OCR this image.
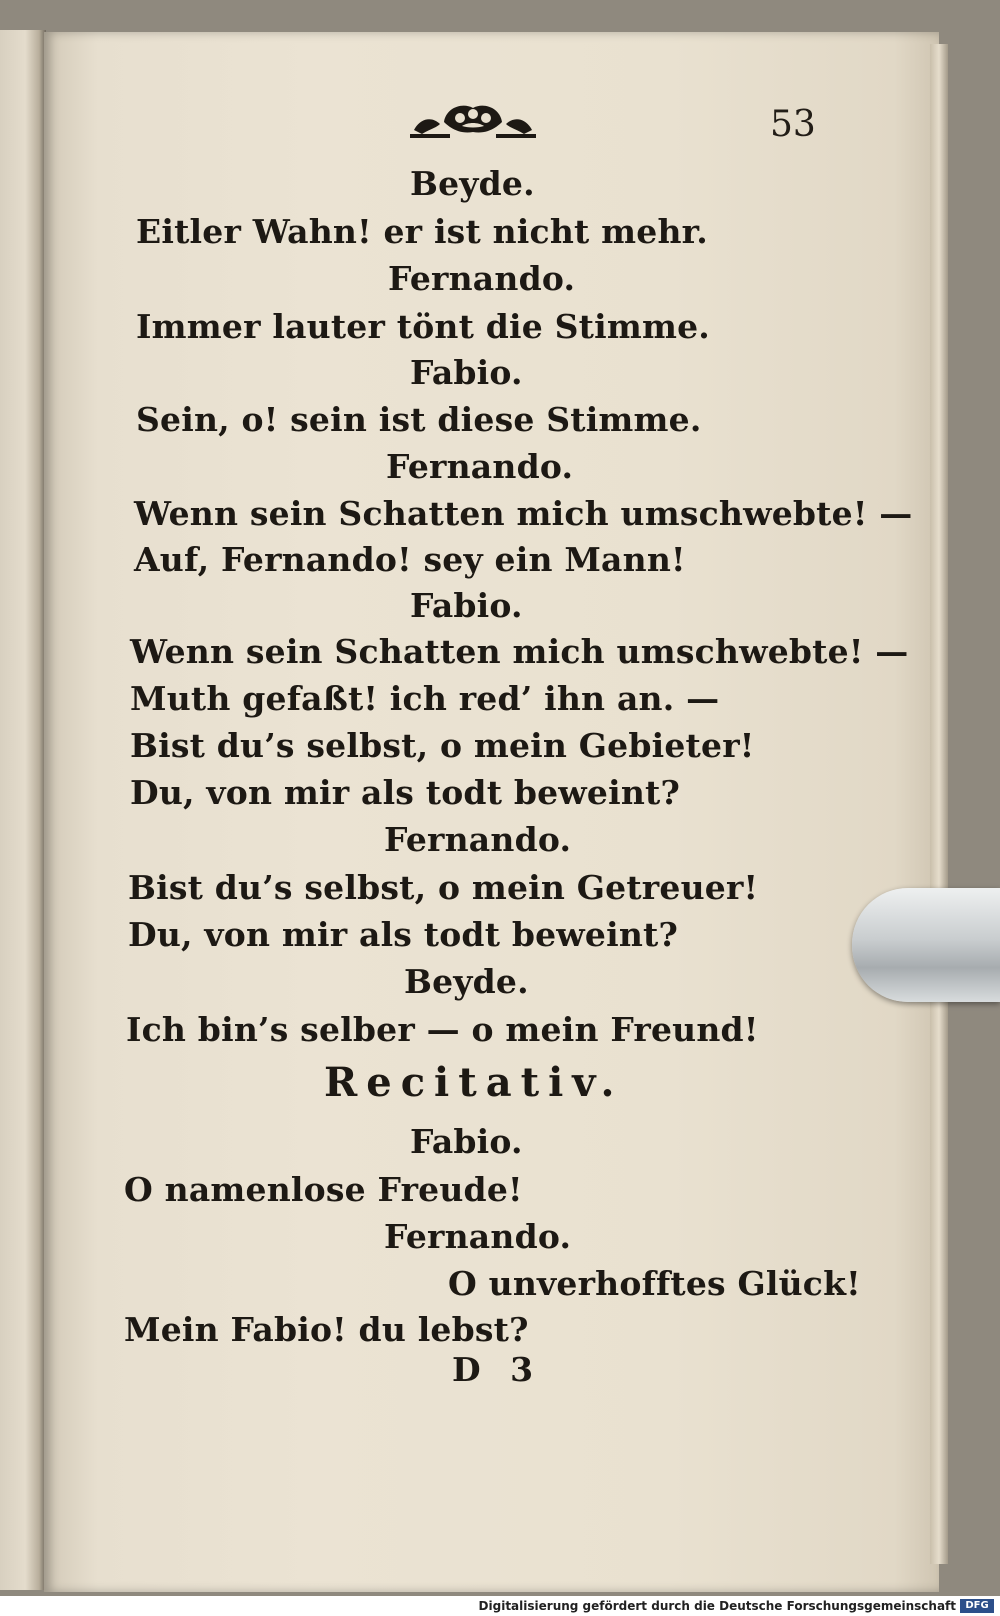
53

Beyde.

Eitler Wahn! er ist nicht mehr.

Fernando.

Immer lauter tönt die Stimme.

Fabio.

Sein, o! sein ist diese Stimme.

Fernando.

Wenn sein Schatten mich umschwebte! —

Auf, Fernando! sey ein Mann!

Fabio.

Wenn sein Schatten mich umschwebte! —

Muth gefaßt! ich red’ ihn an. —

Bist du’s selbst, o mein Gebieter!

Du, von mir als todt beweint?

Fernando.

Bist du’s selbst, o mein Getreuer!

Du, von mir als todt beweint?

Beyde.

Ich bin’s selber — o mein Freund!

Recitativ.

Fabio.

O namenlose Freude!

Fernando.

O unverhofftes Glück!

Mein Fabio! du lebst?

D 3
Digitalisierung gefördert durch die Deutsche Forschungsgemeinschaft DFG
